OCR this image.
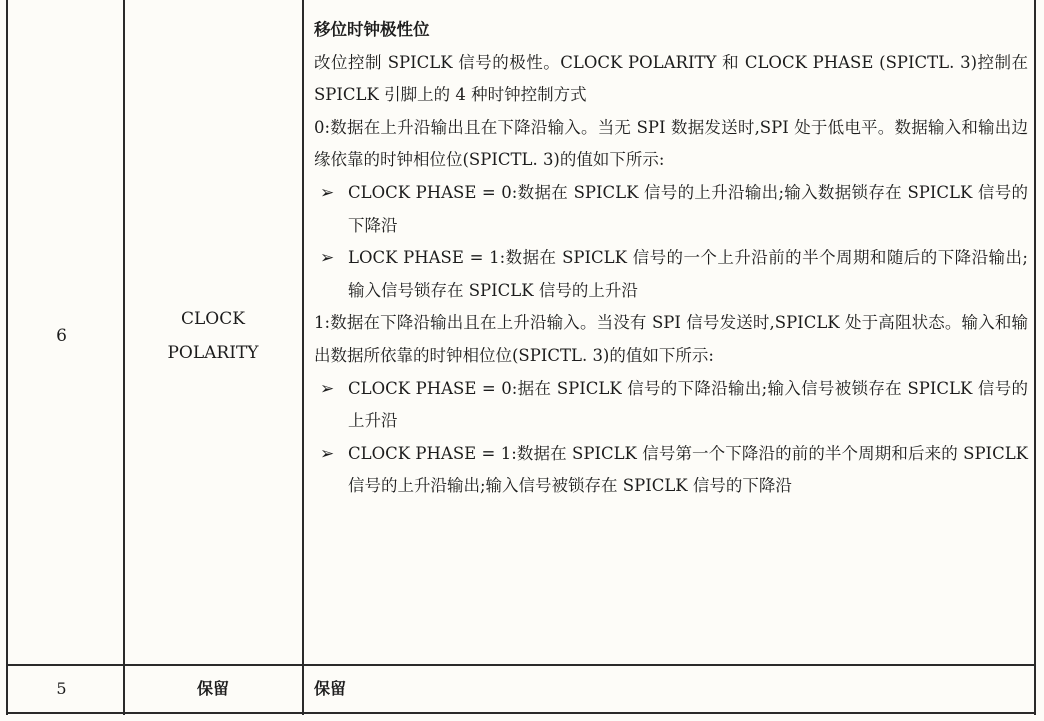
6
CLOCK
POLARITY

移位时钟极性位

改位控制 SPICLK 信号的极性。CLOCK POLARITY 和 CLOCK PHASE (SPICTL. 3)控制在 SPICLK 引脚上的 4 种时钟控制方式

0:数据在上升沿输出且在下降沿输入。当无 SPI 数据发送时,SPI 处于低电平。数据输入和输出边缘依靠的时钟相位位(SPICTL. 3)的值如下所示:

➢ CLOCK PHASE = 0:数据在 SPICLK 信号的上升沿输出;输入数据锁存在 SPICLK 信号的下降沿
➢ LOCK PHASE = 1:数据在 SPICLK 信号的一个上升沿前的半个周期和随后的下降沿输出;输入信号锁存在 SPICLK 信号的上升沿

1:数据在下降沿输出且在上升沿输入。当没有 SPI 信号发送时,SPICLK 处于高阻状态。输入和输出数据所依靠的时钟相位位(SPICTL. 3)的值如下所示:

➢ CLOCK PHASE = 0:据在 SPICLK 信号的下降沿输出;输入信号被锁存在 SPICLK 信号的上升沿
➢ CLOCK PHASE = 1:数据在 SPICLK 信号第一个下降沿的前的半个周期和后来的 SPICLK 信号的上升沿输出;输入信号被锁存在 SPICLK 信号的下降沿
5	保留	保留
